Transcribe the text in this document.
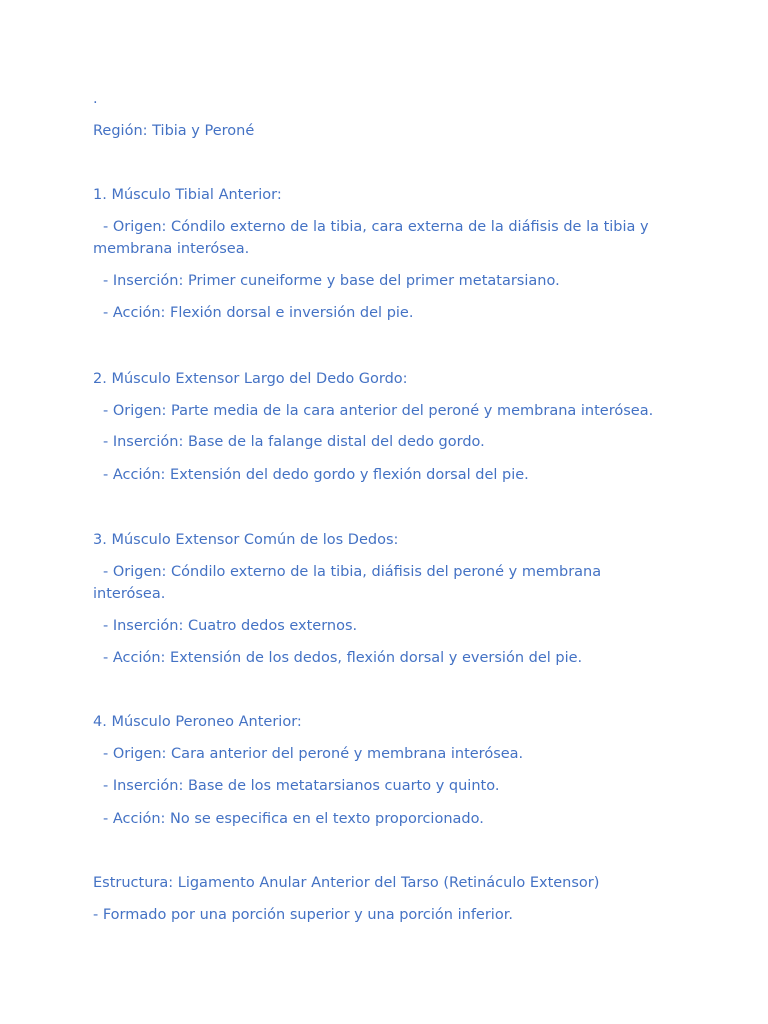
.
Región: Tibia y Peroné
1. Músculo Tibial Anterior:
- Origen: Cóndilo externo de la tibia, cara externa de la diáfisis de la tibia y membrana interósea.
- Inserción: Primer cuneiforme y base del primer metatarsiano.
- Acción: Flexión dorsal e inversión del pie.
2. Músculo Extensor Largo del Dedo Gordo:
- Origen: Parte media de la cara anterior del peroné y membrana interósea.
- Inserción: Base de la falange distal del dedo gordo.
- Acción: Extensión del dedo gordo y flexión dorsal del pie.
3. Músculo Extensor Común de los Dedos:
- Origen: Cóndilo externo de la tibia, diáfisis del peroné y membrana interósea.
- Inserción: Cuatro dedos externos.
- Acción: Extensión de los dedos, flexión dorsal y eversión del pie.
4. Músculo Peroneo Anterior:
- Origen: Cara anterior del peroné y membrana interósea.
- Inserción: Base de los metatarsianos cuarto y quinto.
- Acción: No se especifica en el texto proporcionado.
Estructura: Ligamento Anular Anterior del Tarso (Retináculo Extensor)
- Formado por una porción superior y una porción inferior.
